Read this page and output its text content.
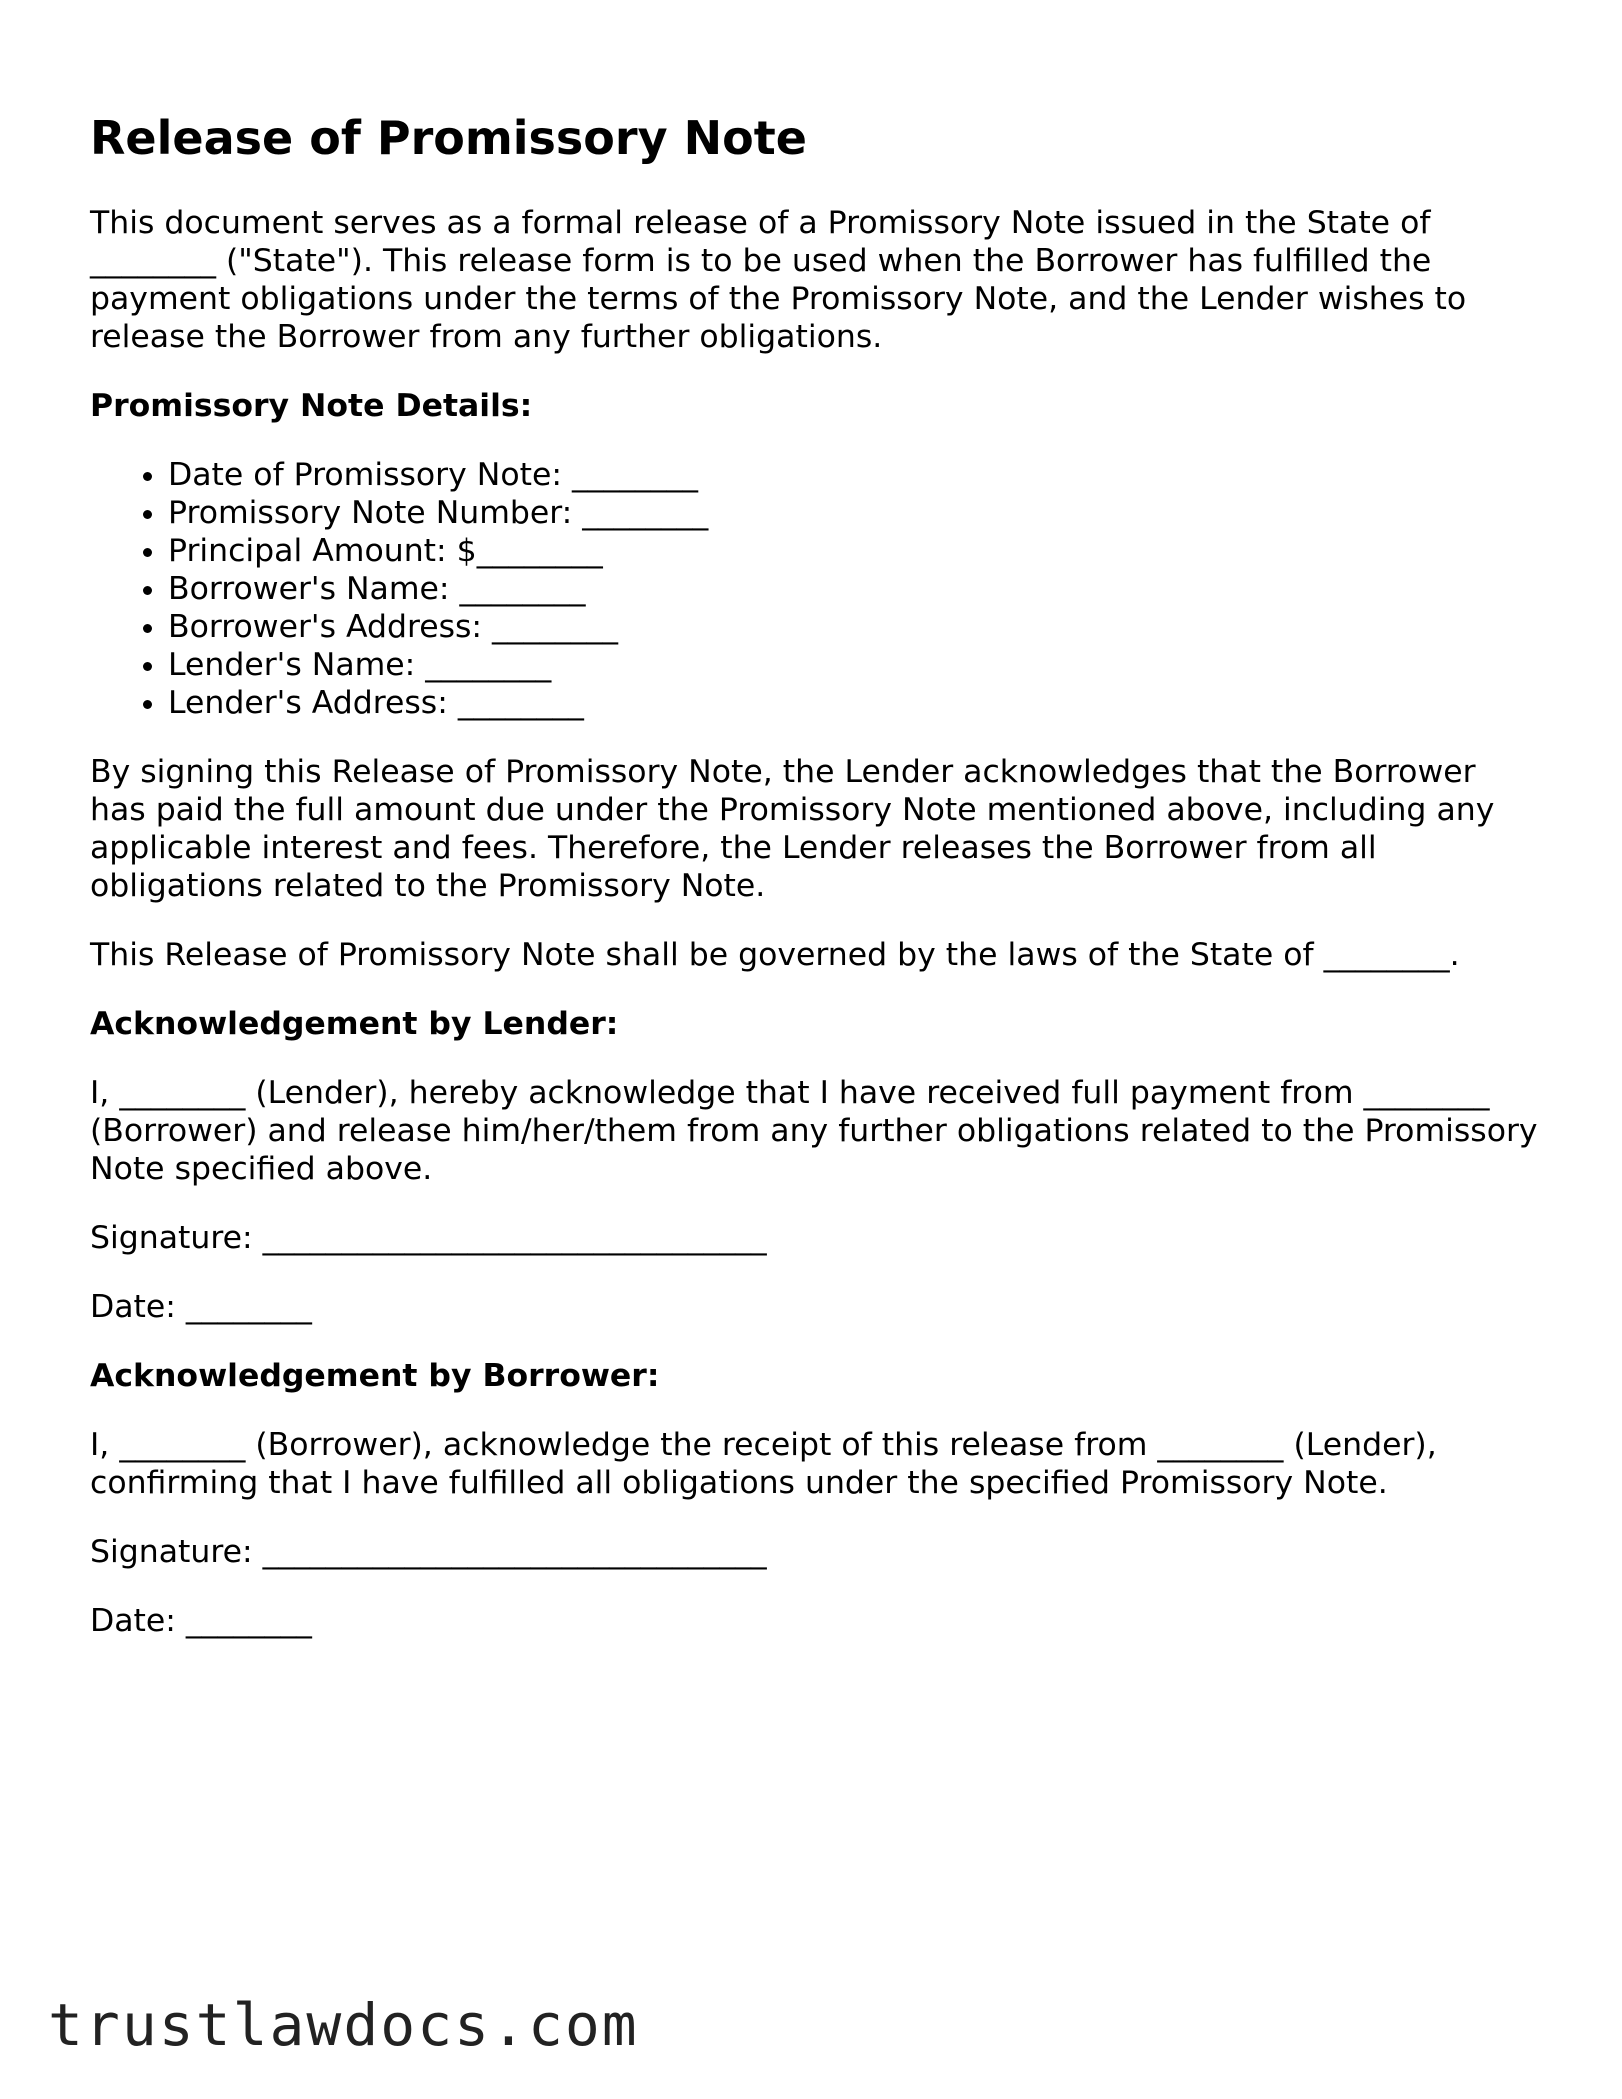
Release of Promissory Note

This document serves as a formal release of a Promissory Note issued in the State of ________ ("State"). This release form is to be used when the Borrower has fulfilled the payment obligations under the terms of the Promissory Note, and the Lender wishes to release the Borrower from any further obligations.

Promissory Note Details:
• Date of Promissory Note: ________
• Promissory Note Number: ________
• Principal Amount: $________
• Borrower's Name: ________
• Borrower's Address: ________
• Lender's Name: ________
• Lender's Address: ________

By signing this Release of Promissory Note, the Lender acknowledges that the Borrower has paid the full amount due under the Promissory Note mentioned above, including any applicable interest and fees. Therefore, the Lender releases the Borrower from all obligations related to the Promissory Note.

This Release of Promissory Note shall be governed by the laws of the State of ________.

Acknowledgement by Lender:

I, ________ (Lender), hereby acknowledge that I have received full payment from ________ (Borrower) and release him/her/them from any further obligations related to the Promissory Note specified above.

Signature: ________________________________

Date: ________

Acknowledgement by Borrower:

I, ________ (Borrower), acknowledge the receipt of this release from ________ (Lender), confirming that I have fulfilled all obligations under the specified Promissory Note.

Signature: ________________________________

Date: ________

trustlawdocs.com
